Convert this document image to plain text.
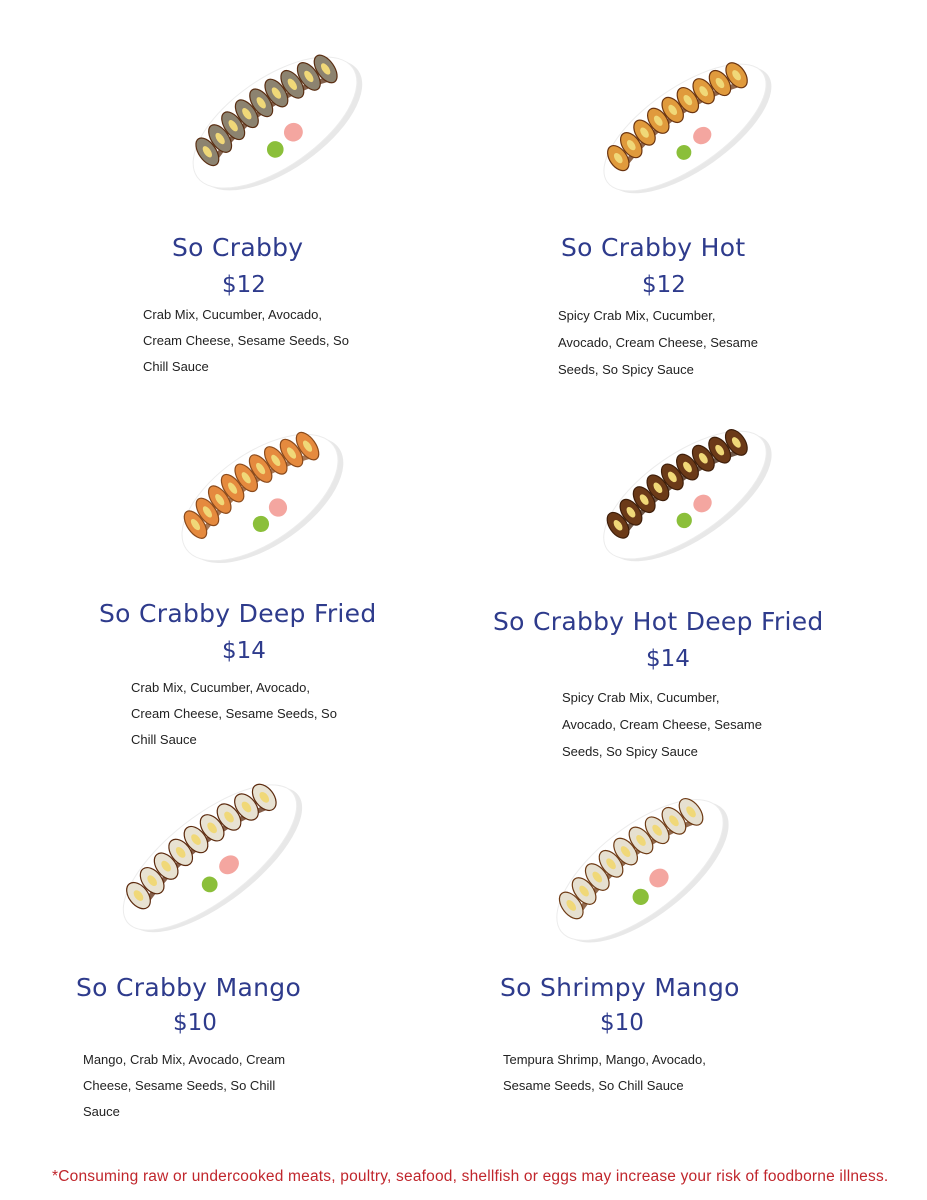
So Crabby
$12
Crab Mix, Cucumber, Avocado, Cream Cheese, Sesame Seeds, So Chill Sauce
So Crabby Hot
$12
Spicy Crab Mix, Cucumber, Avocado, Cream Cheese, Sesame Seeds, So Spicy Sauce
So Crabby Deep Fried
$14
Crab Mix, Cucumber, Avocado, Cream Cheese, Sesame Seeds, So Chill Sauce
So Crabby Hot Deep Fried
$14
Spicy Crab Mix, Cucumber, Avocado, Cream Cheese, Sesame Seeds, So Spicy Sauce
So Crabby Mango
$10
Mango, Crab Mix, Avocado, Cream Cheese, Sesame Seeds, So Chill Sauce
So Shrimpy Mango
$10
Tempura Shrimp, Mango, Avocado, Sesame Seeds, So Chill Sauce
*Consuming raw or undercooked meats, poultry, seafood, shellfish or eggs may increase your risk of foodborne illness.
